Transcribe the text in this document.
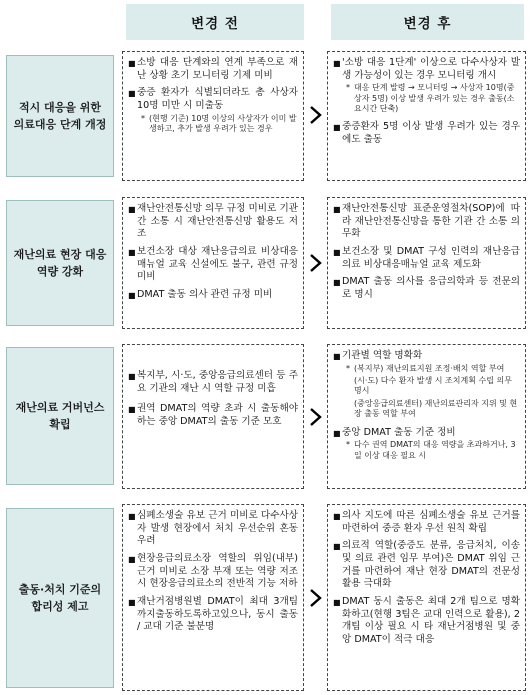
변경 전	변경 후
적시 대응을 위한 의료대응 단계 개정
■ 소방 대응 단계와의 연계 부족으로 재난 상황 초기 모니터링 기제 미비
■ 중증 환자가 식별되더라도 총 사상자 10명 미만 시 미출동
* (현행 기준) 10명 이상의 사상자가 이미 발생하고, 추가 발생 우려가 있는 경우
■ '소방 대응 1단계' 이상으로 다수사상자 발생 가능성이 있는 경우 모니터링 개시
* 대응 단계 발령 → 모니터링 → 사상자 10명(중상자 5명) 이상 발생 우려가 있는 경우 출동(소요시간 단축)
■ 중증환자 5명 이상 발생 우려가 있는 경우에도 출동
재난의료 현장 대응 역량 강화
■ 재난안전통신망 의무 규정 미비로 기관 간 소통 시 재난안전통신망 활용도 저조
■ 보건소장 대상 재난응급의료 비상대응매뉴얼 교육 신설에도 불구, 관련 규정 미비
■ DMAT 출동 의사 관련 규정 미비
■ 재난안전통신망 표준운영절차(SOP)에 따라 재난안전통신망을 통한 기관 간 소통 의무화
■ 보건소장 및 DMAT 구성 인력의 재난응급의료 비상대응매뉴얼 교육 제도화
■ DMAT 출동 의사를 응급의학과 등 전문의로 명시
재난의료 거버넌스 확립
■ 복지부, 시·도, 중앙응급의료센터 등 주요 기관의 재난 시 역할 규정 미흡
■ 권역 DMAT의 역량 초과 시 출동해야 하는 중앙 DMAT의 출동 기준 모호
■ 기관별 역할 명확화
* (복지부) 재난의료지원 조정·배치 역할 부여
(시·도) 다수 환자 발생 시 조치계획 수립 의무 명시
(중앙응급의료센터) 재난의료관리자 지위 및 현장 출동 역할 부여
■ 중앙 DMAT 출동 기준 정비
* 다수 권역 DMAT의 대응 역량을 초과하거나, 3일 이상 대응 필요 시
출동·처치 기준의 합리성 제고
■ 심폐소생술 유보 근거 미비로 다수사상자 발생 현장에서 처치 우선순위 혼동 우려
■ 현장응급의료소장 역할의 위임(내부) 근거 미비로 소장 부재 또는 역량 저조 시 현장응급의료소의 전반적 기능 저하
■ 재난거점병원별 DMAT이 최대 3개팀까지출동하도록하고있으나, 동시 출동 / 교대 기준 불분명
■ 의사 지도에 따른 심폐소생술 유보 근거를 마련하여 중증 환자 우선 원칙 확립
■ 의료적 역할(중증도 분류, 응급처치, 이송 및 의료 관련 임무 부여)은 DMAT 위임 근거를 마련하여 재난 현장 DMAT의 전문성 활용 극대화
■ DMAT 동시 출동은 최대 2개 팀으로 명확화하고(현행 3팀은 교대 인력으로 활용), 2개팀 이상 필요 시 타 재난거점병원 및 중앙 DMAT이 적극 대응
